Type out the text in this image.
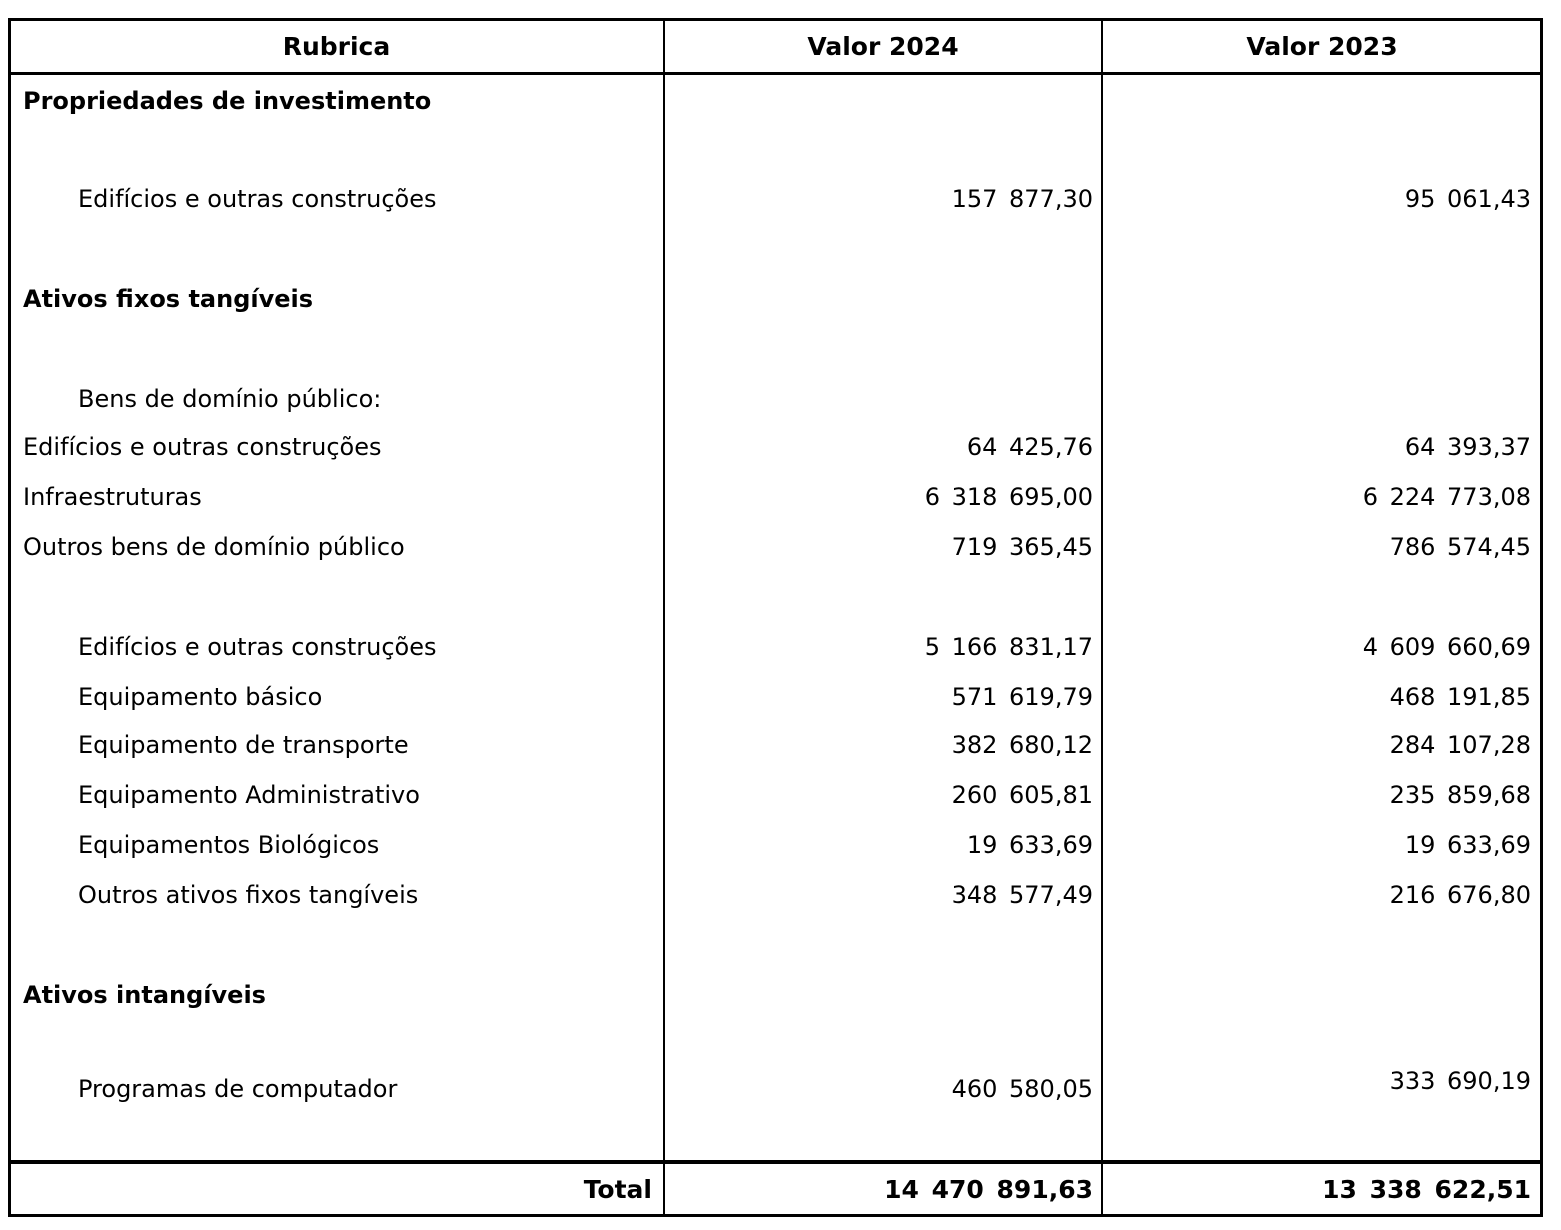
Rubrica	Valor 2024	Valor 2023
Propriedades de investimento
Edifícios e outras construções	157 877,30	95 061,43
Ativos fixos tangíveis
Bens de domínio público:
Edifícios e outras construções	64 425,76	64 393,37
Infraestruturas	6 318 695,00	6 224 773,08
Outros bens de domínio público	719 365,45	786 574,45
Edifícios e outras construções	5 166 831,17	4 609 660,69
Equipamento básico	571 619,79	468 191,85
Equipamento de transporte	382 680,12	284 107,28
Equipamento Administrativo	260 605,81	235 859,68
Equipamentos Biológicos	19 633,69	19 633,69
Outros ativos fixos tangíveis	348 577,49	216 676,80
Ativos intangíveis
Programas de computador	460 580,05	333 690,19
Total	14 470 891,63	13 338 622,51
